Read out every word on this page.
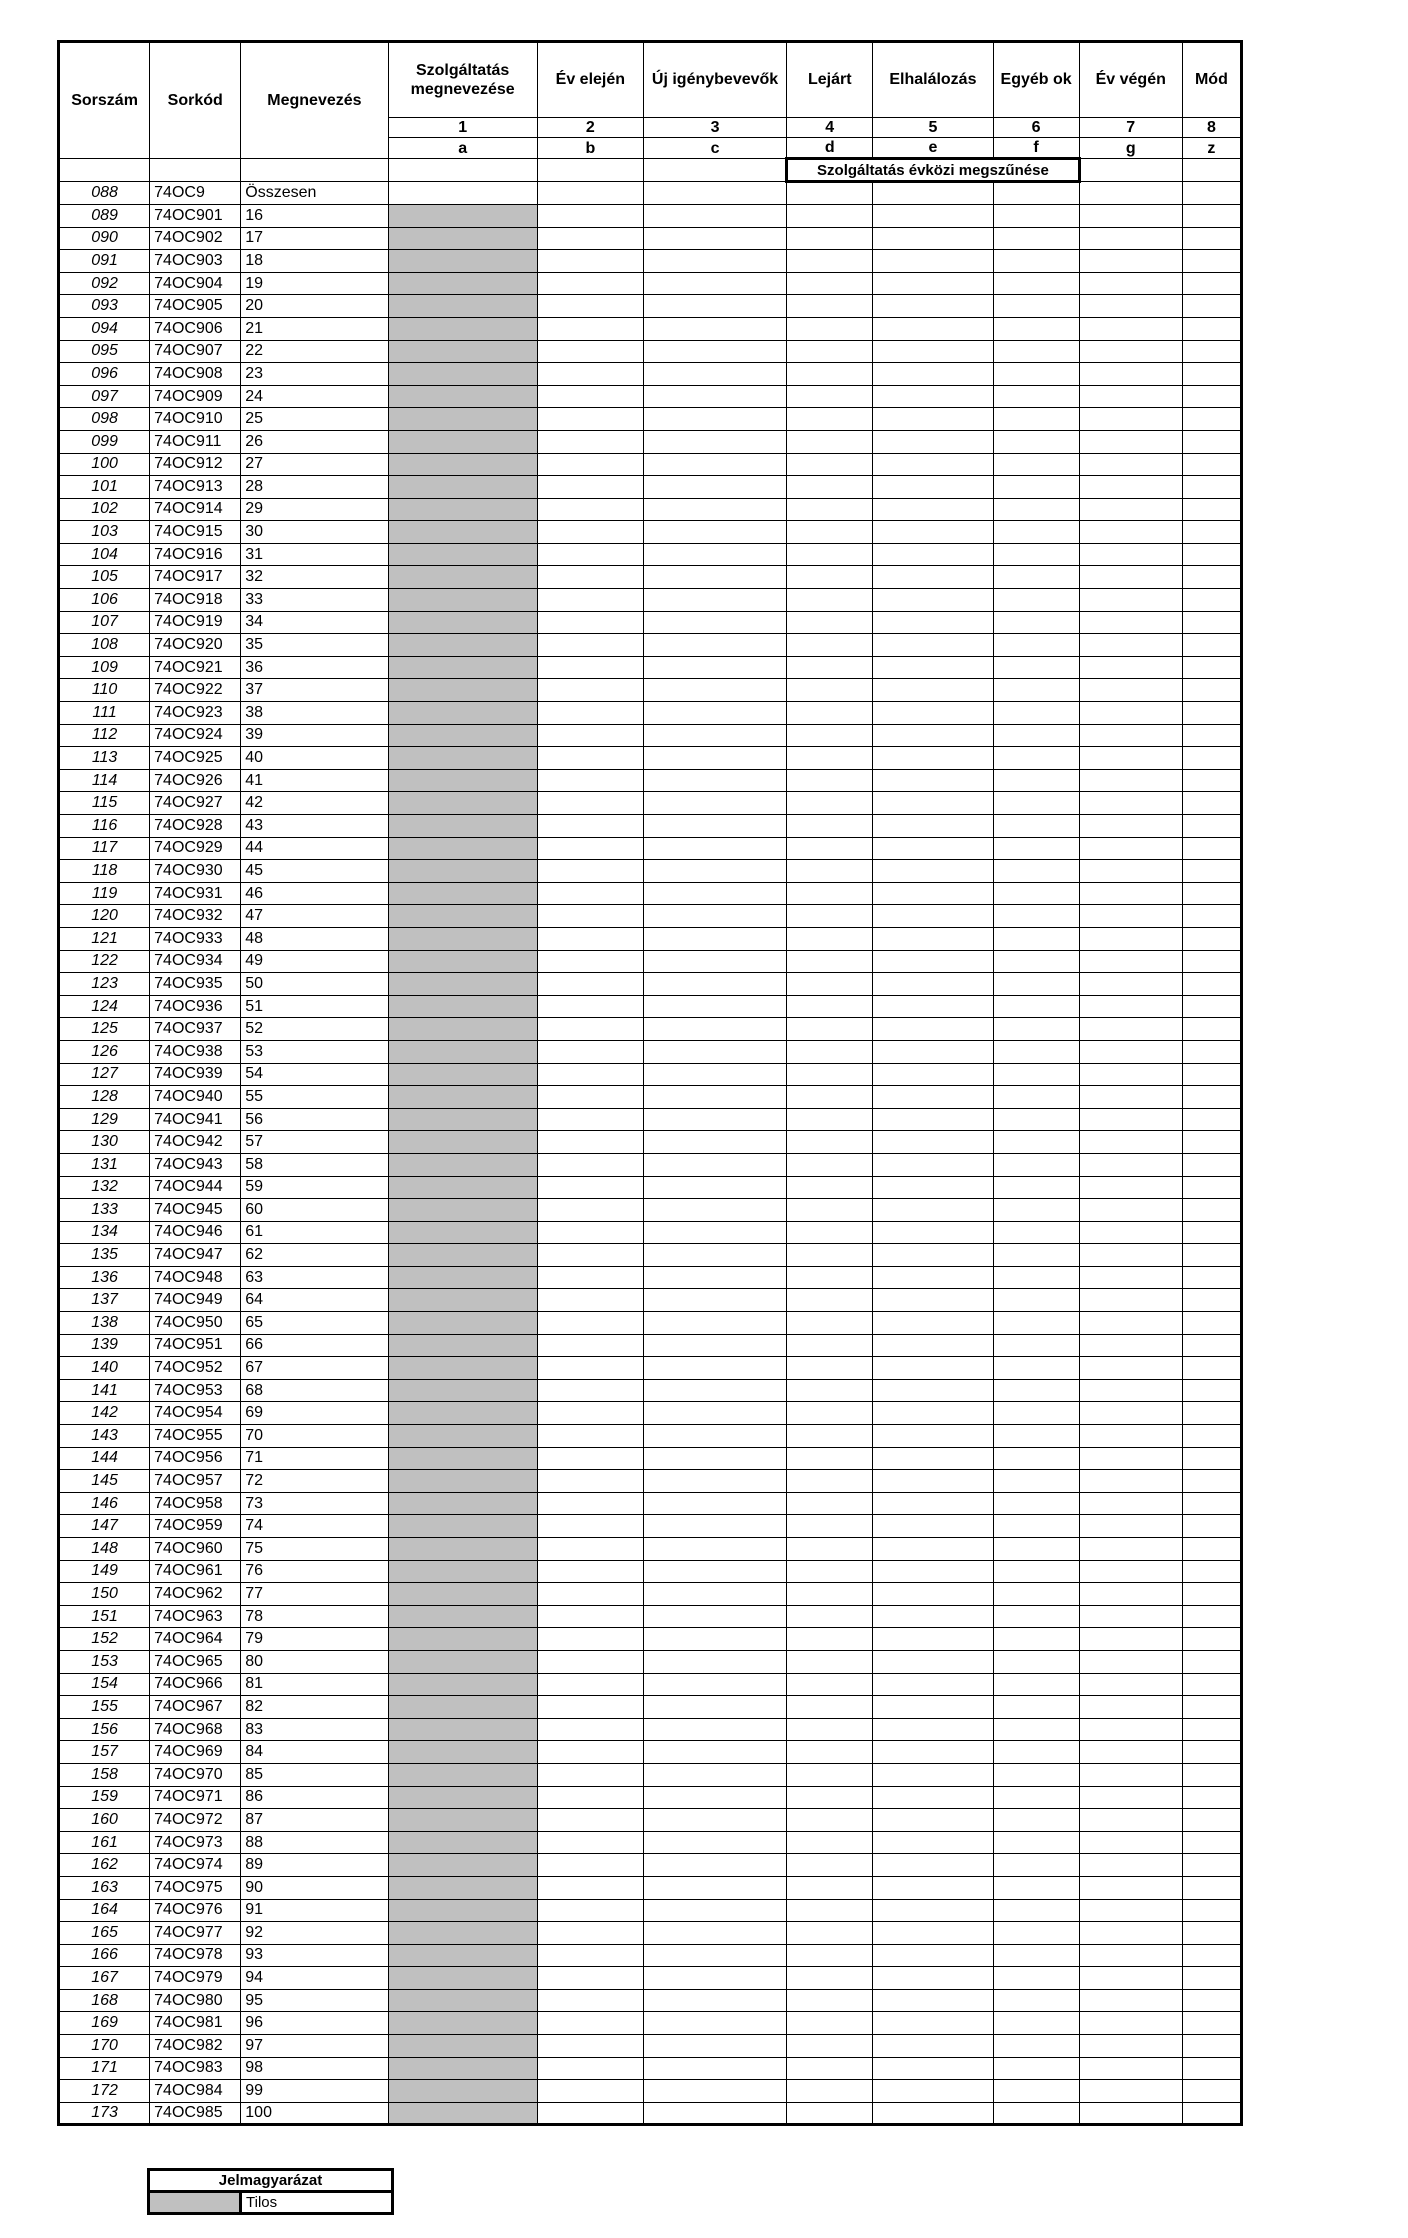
Sorszám	Sorkód	Megnevezés	Szolgáltatás megnevezése	Év elején	Új igénybevevők	Lejárt	Elhalálozás	Egyéb ok	Év végén	Mód
			1	2	3	4	5	6	7	8
			a	b	c	d	e	f	g	z
						Szolgáltatás évközi megszűnése				
088	74OC9	Összesen								
089	74OC901	16								
090	74OC902	17								
091	74OC903	18								
092	74OC904	19								
093	74OC905	20								
094	74OC906	21								
095	74OC907	22								
096	74OC908	23								
097	74OC909	24								
098	74OC910	25								
099	74OC911	26								
100	74OC912	27								
101	74OC913	28								
102	74OC914	29								
103	74OC915	30								
104	74OC916	31								
105	74OC917	32								
106	74OC918	33								
107	74OC919	34								
108	74OC920	35								
109	74OC921	36								
110	74OC922	37								
111	74OC923	38								
112	74OC924	39								
113	74OC925	40								
114	74OC926	41								
115	74OC927	42								
116	74OC928	43								
117	74OC929	44								
118	74OC930	45								
119	74OC931	46								
120	74OC932	47								
121	74OC933	48								
122	74OC934	49								
123	74OC935	50								
124	74OC936	51								
125	74OC937	52								
126	74OC938	53								
127	74OC939	54								
128	74OC940	55								
129	74OC941	56								
130	74OC942	57								
131	74OC943	58								
132	74OC944	59								
133	74OC945	60								
134	74OC946	61								
135	74OC947	62								
136	74OC948	63								
137	74OC949	64								
138	74OC950	65								
139	74OC951	66								
140	74OC952	67								
141	74OC953	68								
142	74OC954	69								
143	74OC955	70								
144	74OC956	71								
145	74OC957	72								
146	74OC958	73								
147	74OC959	74								
148	74OC960	75								
149	74OC961	76								
150	74OC962	77								
151	74OC963	78								
152	74OC964	79								
153	74OC965	80								
154	74OC966	81								
155	74OC967	82								
156	74OC968	83								
157	74OC969	84								
158	74OC970	85								
159	74OC971	86								
160	74OC972	87								
161	74OC973	88								
162	74OC974	89								
163	74OC975	90								
164	74OC976	91								
165	74OC977	92								
166	74OC978	93								
167	74OC979	94								
168	74OC980	95								
169	74OC981	96								
170	74OC982	97								
171	74OC983	98								
172	74OC984	99								
173	74OC985	100								
Jelmagyarázat
	Tilos
